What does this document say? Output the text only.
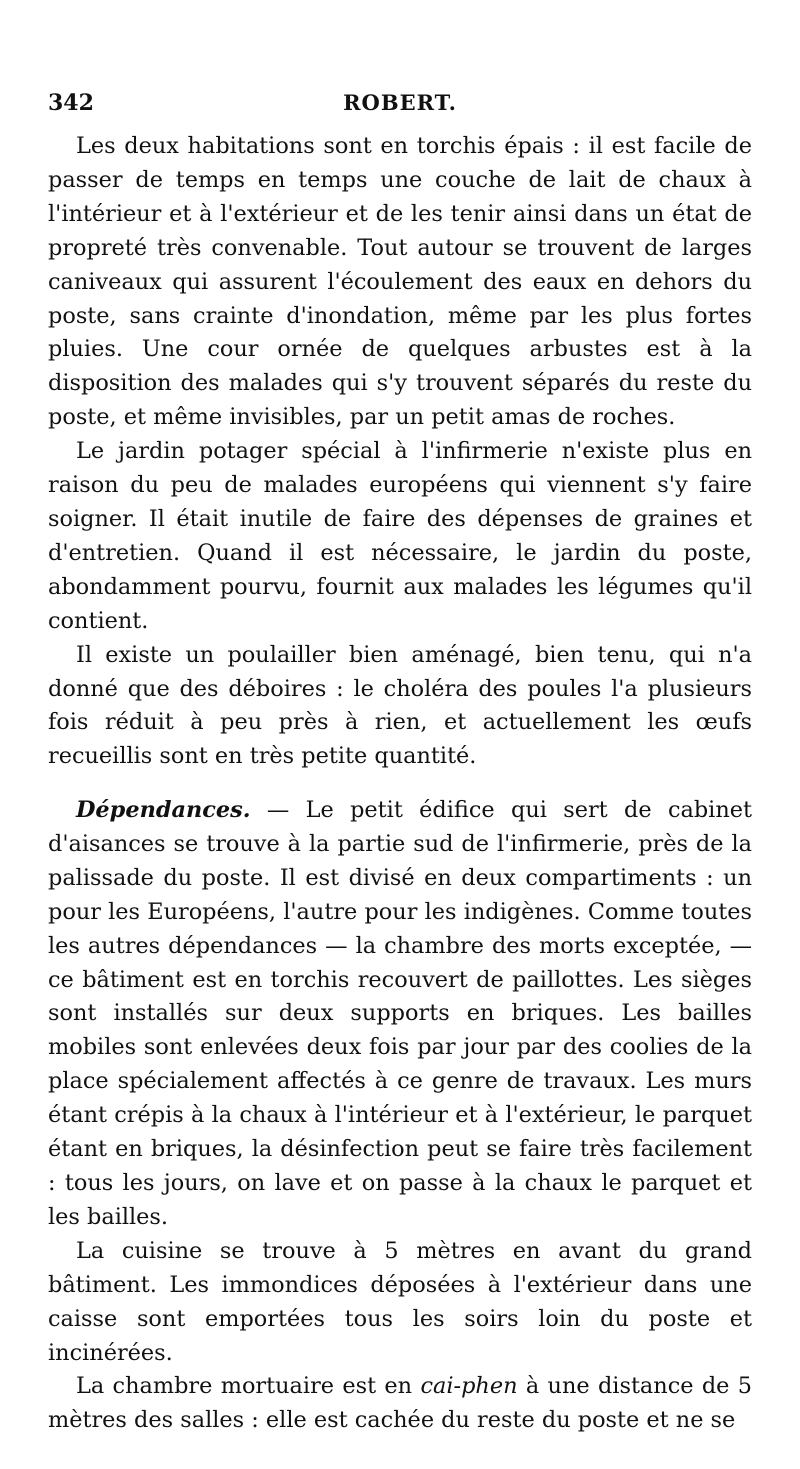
342	ROBERT.

Les deux habitations sont en torchis épais : il est facile de passer de temps en temps une couche de lait de chaux à l'intérieur et à l'extérieur et de les tenir ainsi dans un état de propreté très convenable. Tout autour se trouvent de larges caniveaux qui assurent l'écoulement des eaux en dehors du poste, sans crainte d'inondation, même par les plus fortes pluies. Une cour ornée de quelques arbustes est à la disposition des malades qui s'y trouvent séparés du reste du poste, et même invisibles, par un petit amas de roches.

Le jardin potager spécial à l'infirmerie n'existe plus en raison du peu de malades européens qui viennent s'y faire soigner. Il était inutile de faire des dépenses de graines et d'entretien. Quand il est nécessaire, le jardin du poste, abondamment pourvu, fournit aux malades les légumes qu'il contient.

Il existe un poulailler bien aménagé, bien tenu, qui n'a donné que des déboires : le choléra des poules l'a plusieurs fois réduit à peu près à rien, et actuellement les œufs recueillis sont en très petite quantité.

Dépendances. — Le petit édifice qui sert de cabinet d'aisances se trouve à la partie sud de l'infirmerie, près de la palissade du poste. Il est divisé en deux compartiments : un pour les Européens, l'autre pour les indigènes. Comme toutes les autres dépendances — la chambre des morts exceptée, — ce bâtiment est en torchis recouvert de paillottes. Les sièges sont installés sur deux supports en briques. Les bailles mobiles sont enlevées deux fois par jour par des coolies de la place spécialement affectés à ce genre de travaux. Les murs étant crépis à la chaux à l'intérieur et à l'extérieur, le parquet étant en briques, la désinfection peut se faire très facilement : tous les jours, on lave et on passe à la chaux le parquet et les bailles.

La cuisine se trouve à 5 mètres en avant du grand bâtiment. Les immondices déposées à l'extérieur dans une caisse sont emportées tous les soirs loin du poste et incinérées.

La chambre mortuaire est en cai-phen à une distance de 5 mètres des salles : elle est cachée du reste du poste et ne se
